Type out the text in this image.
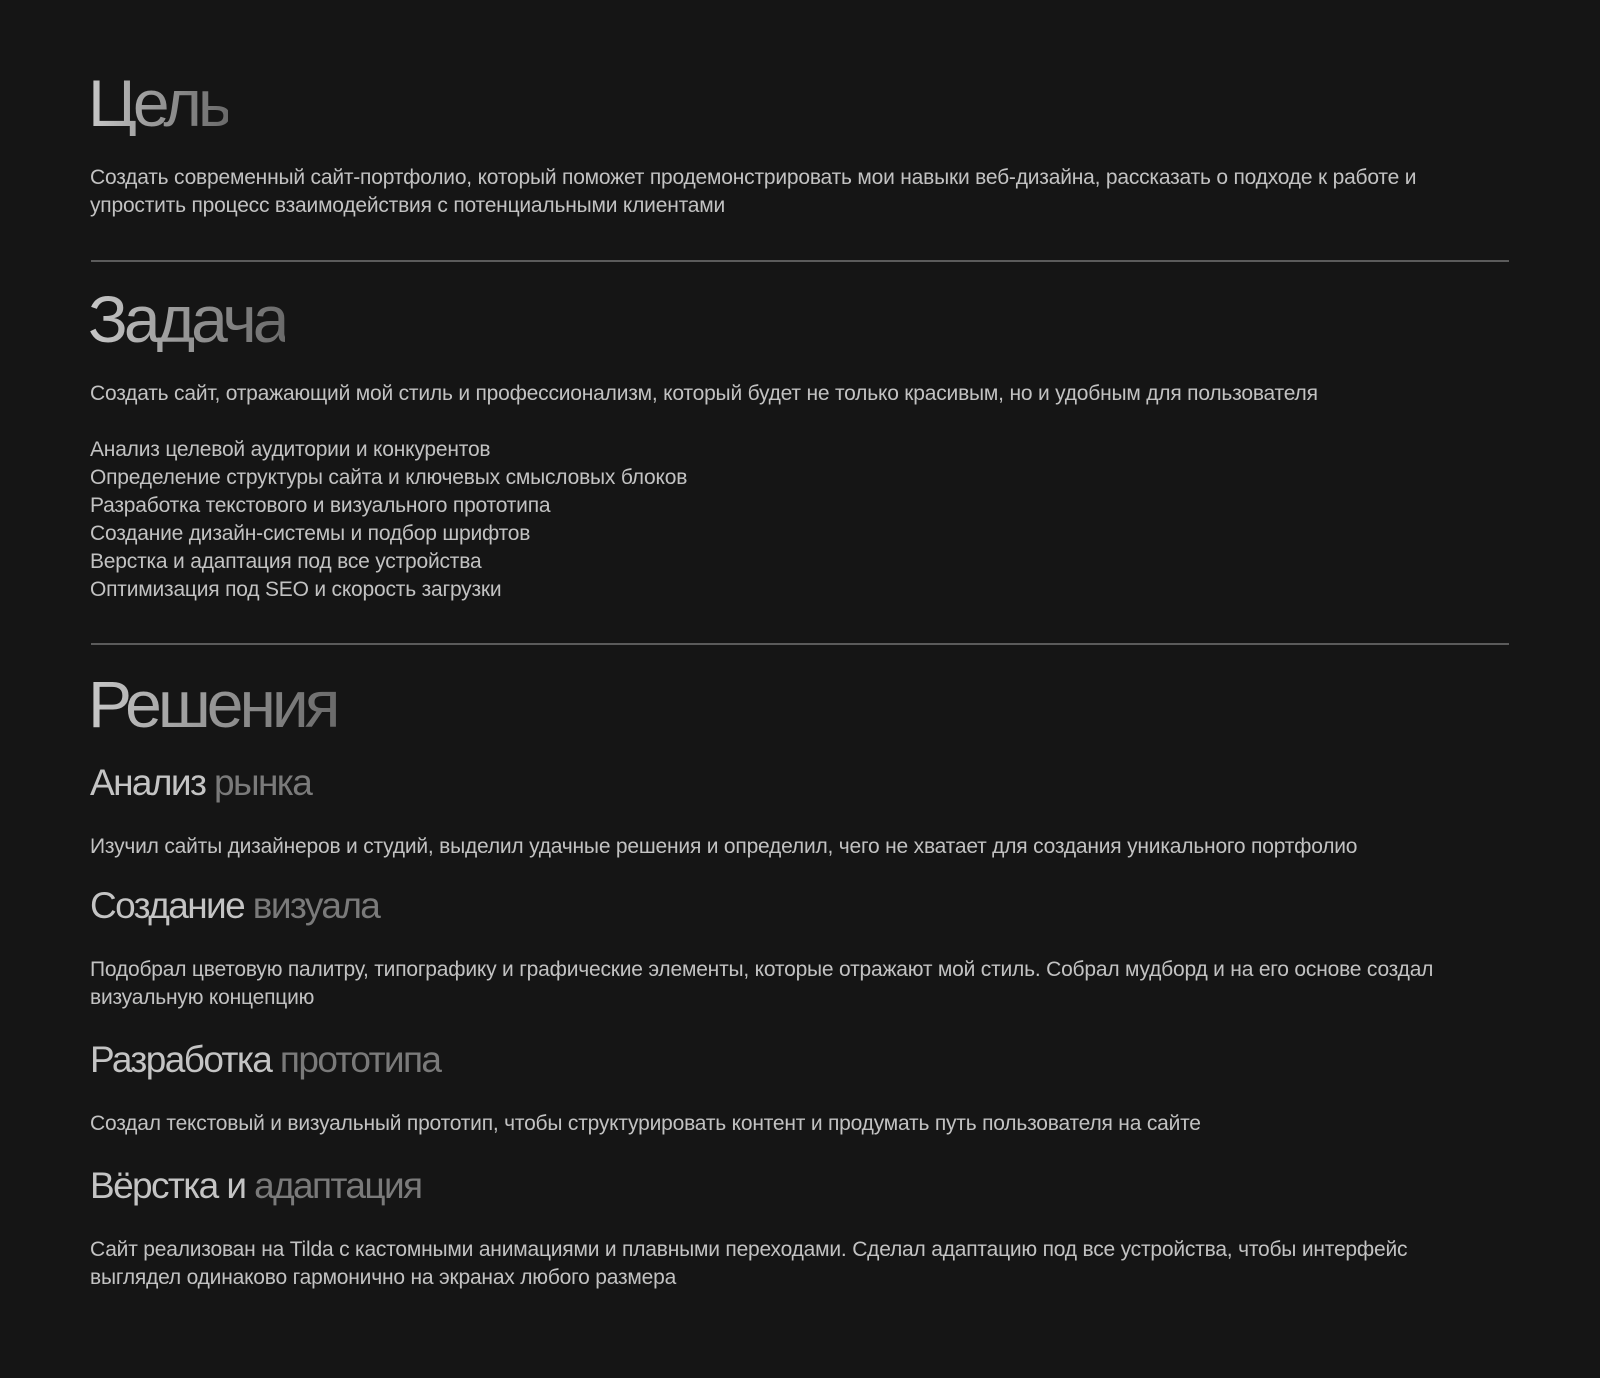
Цель

Создать современный сайт-портфолио, который поможет продемонстрировать мои навыки веб-дизайна, рассказать о подходе к работе и упростить процесс взаимодействия с потенциальными клиентами

Задача

Создать сайт, отражающий мой стиль и профессионализм, который будет не только красивым, но и удобным для пользователя

Анализ целевой аудитории и конкурентов
Определение структуры сайта и ключевых смысловых блоков
Разработка текстового и визуального прототипа
Создание дизайн-системы и подбор шрифтов
Верстка и адаптация под все устройства
Оптимизация под SEO и скорость загрузки
Решения
Анализ рынка

Изучил сайты дизайнеров и студий, выделил удачные решения и определил, чего не хватает для создания уникального портфолио

Создание визуала

Подобрал цветовую палитру, типографику и графические элементы, которые отражают мой стиль. Собрал мудборд и на его основе создал визуальную концепцию

Разработка прототипа

Создал текстовый и визуальный прототип, чтобы структурировать контент и продумать путь пользователя на сайте

Вёрстка и адаптация

Сайт реализован на Tilda с кастомными анимациями и плавными переходами. Сделал адаптацию под все устройства, чтобы интерфейс выглядел одинаково гармонично на экранах любого размера
